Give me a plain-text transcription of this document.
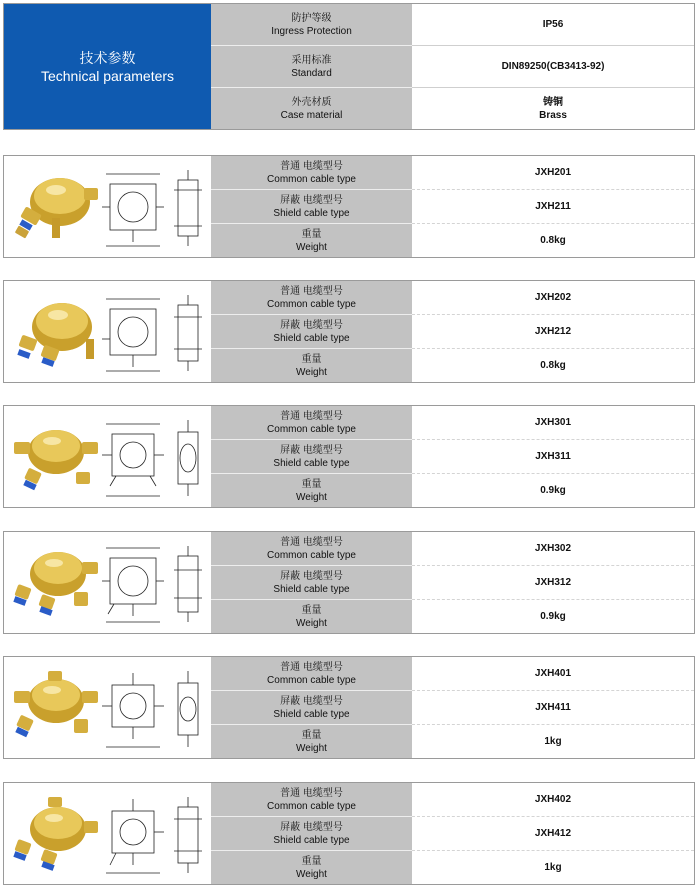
技术参数
Technical parameters
防护等级
Ingress Protection
采用标准
Standard
外壳材质
Case material
IP56
DIN89250(CB3413-92)
铸铜
Brass
普通 电缆型号
Common cable type
屏蔽 电缆型号
Shield cable type
重量
Weight
JXH201
JXH211
0.8kg
普通 电缆型号
Common cable type
屏蔽 电缆型号
Shield cable type
重量
Weight
JXH202
JXH212
0.8kg
普通 电缆型号
Common cable type
屏蔽 电缆型号
Shield cable type
重量
Weight
JXH301
JXH311
0.9kg
普通 电缆型号
Common cable type
屏蔽 电缆型号
Shield cable type
重量
Weight
JXH302
JXH312
0.9kg
普通 电缆型号
Common cable type
屏蔽 电缆型号
Shield cable type
重量
Weight
JXH401
JXH411
1kg
普通 电缆型号
Common cable type
屏蔽 电缆型号
Shield cable type
重量
Weight
JXH402
JXH412
1kg
